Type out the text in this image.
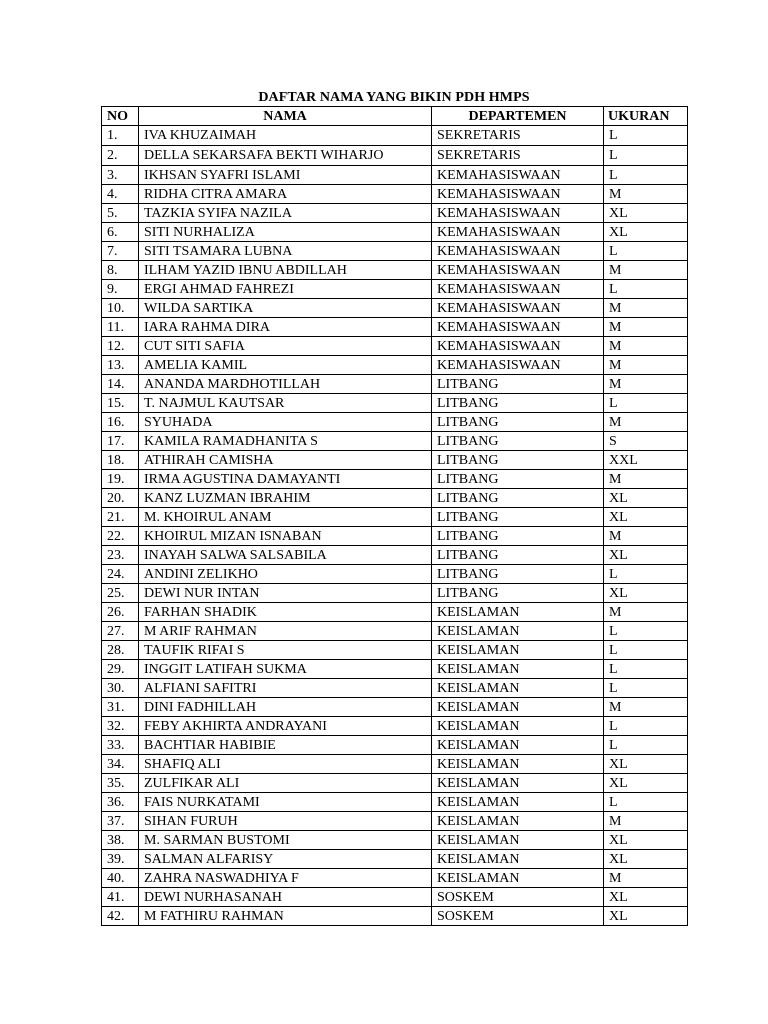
DAFTAR NAMA YANG BIKIN PDH HMPS
NO	NAMA	DEPARTEMEN	UKURAN
1.	IVA KHUZAIMAH	SEKRETARIS	L
2.	DELLA SEKARSAFA BEKTI WIHARJO	SEKRETARIS	L
3.	IKHSAN SYAFRI ISLAMI	KEMAHASISWAAN	L
4.	RIDHA CITRA AMARA	KEMAHASISWAAN	M
5.	TAZKIA SYIFA NAZILA	KEMAHASISWAAN	XL
6.	SITI NURHALIZA	KEMAHASISWAAN	XL
7.	SITI TSAMARA LUBNA	KEMAHASISWAAN	L
8.	ILHAM YAZID IBNU ABDILLAH	KEMAHASISWAAN	M
9.	ERGI AHMAD FAHREZI	KEMAHASISWAAN	L
10.	WILDA SARTIKA	KEMAHASISWAAN	M
11.	IARA RAHMA DIRA	KEMAHASISWAAN	M
12.	CUT SITI SAFIA	KEMAHASISWAAN	M
13.	AMELIA KAMIL	KEMAHASISWAAN	M
14.	ANANDA MARDHOTILLAH	LITBANG	M
15.	T. NAJMUL KAUTSAR	LITBANG	L
16.	SYUHADA	LITBANG	M
17.	KAMILA RAMADHANITA S	LITBANG	S
18.	ATHIRAH CAMISHA	LITBANG	XXL
19.	IRMA AGUSTINA DAMAYANTI	LITBANG	M
20.	KANZ LUZMAN IBRAHIM	LITBANG	XL
21.	M. KHOIRUL ANAM	LITBANG	XL
22.	KHOIRUL MIZAN ISNABAN	LITBANG	M
23.	INAYAH SALWA SALSABILA	LITBANG	XL
24.	ANDINI ZELIKHO	LITBANG	L
25.	DEWI NUR INTAN	LITBANG	XL
26.	FARHAN SHADIK	KEISLAMAN	M
27.	M ARIF RAHMAN	KEISLAMAN	L
28.	TAUFIK RIFAI S	KEISLAMAN	L
29.	INGGIT LATIFAH SUKMA	KEISLAMAN	L
30.	ALFIANI SAFITRI	KEISLAMAN	L
31.	DINI FADHILLAH	KEISLAMAN	M
32.	FEBY AKHIRTA ANDRAYANI	KEISLAMAN	L
33.	BACHTIAR HABIBIE	KEISLAMAN	L
34.	SHAFIQ ALI	KEISLAMAN	XL
35.	ZULFIKAR ALI	KEISLAMAN	XL
36.	FAIS NURKATAMI	KEISLAMAN	L
37.	SIHAN FURUH	KEISLAMAN	M
38.	M. SARMAN BUSTOMI	KEISLAMAN	XL
39.	SALMAN ALFARISY	KEISLAMAN	XL
40.	ZAHRA NASWADHIYA F	KEISLAMAN	M
41.	DEWI NURHASANAH	SOSKEM	XL
42.	M FATHIRU RAHMAN	SOSKEM	XL
